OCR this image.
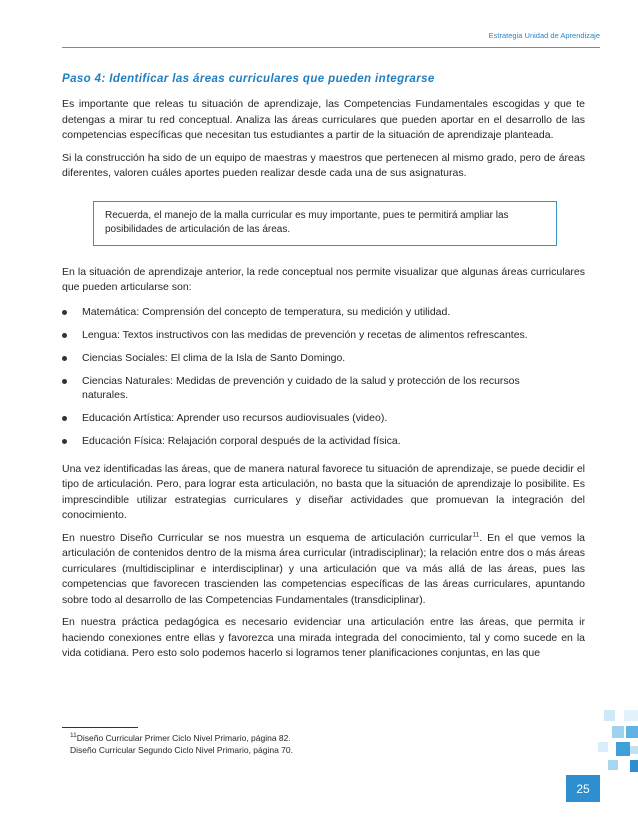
Estrategia Unidad de Aprendizaje
Paso 4: Identificar las áreas curriculares que pueden integrarse

Es importante que releas tu situación de aprendizaje, las Competencias Fundamentales escogidas y que te detengas a mirar tu red conceptual. Analiza las áreas curriculares que pueden aportar en el desarrollo de las competencias específicas que necesitan tus estudiantes a partir de la situación de aprendizaje planteada.

Si la construcción ha sido de un equipo de maestras y maestros que pertenecen al mismo grado, pero de áreas diferentes, valoren cuáles aportes pueden realizar desde cada una de sus asignaturas.

Recuerda, el manejo de la malla curricular es muy importante, pues te permitirá ampliar las posibilidades de articulación de las áreas.

En la situación de aprendizaje anterior, la rede conceptual nos permite visualizar que algunas áreas curriculares que pueden articularse son:

Matemática: Comprensión del concepto de temperatura, su medición y utilidad.
Lengua: Textos instructivos con las medidas de prevención y recetas de alimentos refrescantes.
Ciencias Sociales: El clima de la Isla de Santo Domingo.
Ciencias Naturales: Medidas de prevención y cuidado de la salud y protección de los recursos naturales.
Educación Artística: Aprender uso recursos audiovisuales (video).
Educación Física: Relajación corporal después de la actividad física.

Una vez identificadas las áreas, que de manera natural favorece tu situación de aprendizaje, se puede decidir el tipo de articulación. Pero, para lograr esta articulación, no basta que la situación de aprendizaje lo posibilite. Es imprescindible utilizar estrategias curriculares y diseñar actividades que promuevan la integración del conocimiento.

En nuestro Diseño Curricular se nos muestra un esquema de articulación curricular$^{11}$. En el que vemos la articulación de contenidos dentro de la misma área curricular (intradisciplinar); la relación entre dos o más áreas curriculares (multidisciplinar e interdisciplinar) y una articulación que va más allá de las áreas, pues las competencias que favorecen trascienden las competencias específicas de las áreas curriculares, apuntando sobre todo al desarrollo de las Competencias Fundamentales (transdiciplinar).

En nuestra práctica pedagógica es necesario evidenciar una articulación entre las áreas, que permita ir haciendo conexiones entre ellas y favorezca una mirada integrada del conocimiento, tal y como sucede en la vida cotidiana. Pero esto solo podemos hacerlo si logramos tener planificaciones conjuntas, en las que

$^{11}$Diseño Curricular Primer Ciclo Nivel Primario, página 82.
Diseño Curricular Segundo Ciclo Nivel Primario, página 70.
25
